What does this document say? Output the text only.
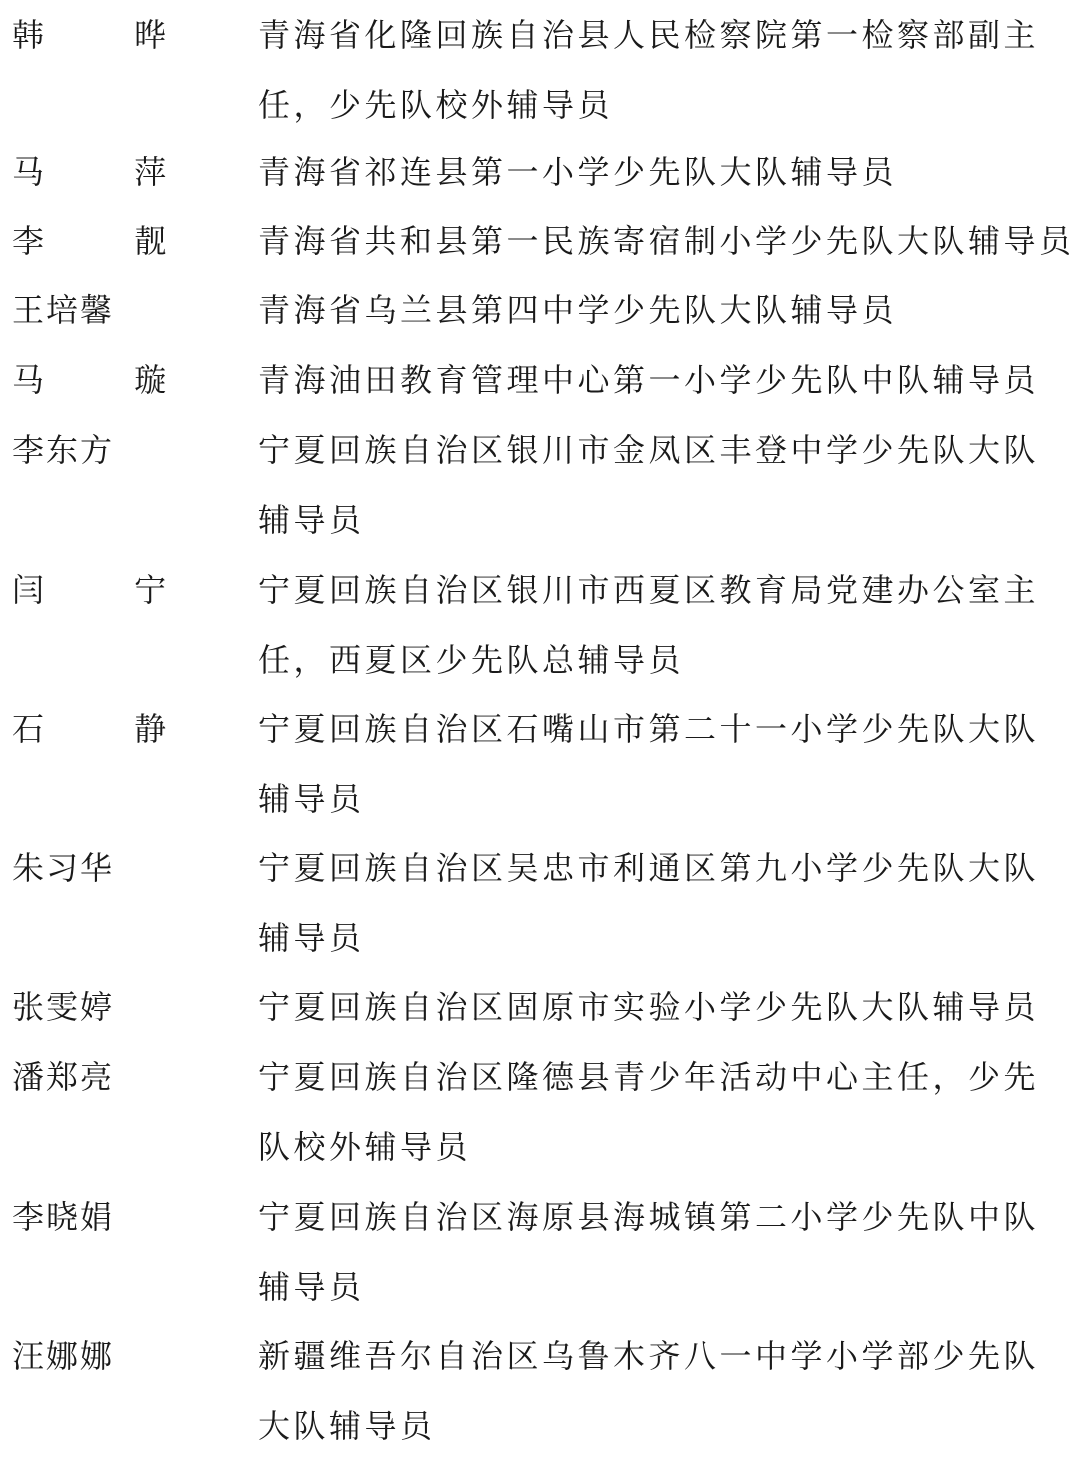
韩 晔	青海省化隆回族自治县人民检察院第一检察部副主
任，少先队校外辅导员
马 萍	青海省祁连县第一小学少先队大队辅导员
李 靓	青海省共和县第一民族寄宿制小学少先队大队辅导员
王培馨	青海省乌兰县第四中学少先队大队辅导员
马 璇	青海油田教育管理中心第一小学少先队中队辅导员
李东方	宁夏回族自治区银川市金凤区丰登中学少先队大队
辅导员
闫 宁	宁夏回族自治区银川市西夏区教育局党建办公室主
任，西夏区少先队总辅导员
石 静	宁夏回族自治区石嘴山市第二十一小学少先队大队
辅导员
朱习华	宁夏回族自治区吴忠市利通区第九小学少先队大队
辅导员
张雯婷	宁夏回族自治区固原市实验小学少先队大队辅导员
潘郑亮	宁夏回族自治区隆德县青少年活动中心主任，少先
队校外辅导员
李晓娟	宁夏回族自治区海原县海城镇第二小学少先队中队
辅导员
汪娜娜	新疆维吾尔自治区乌鲁木齐八一中学小学部少先队
大队辅导员
